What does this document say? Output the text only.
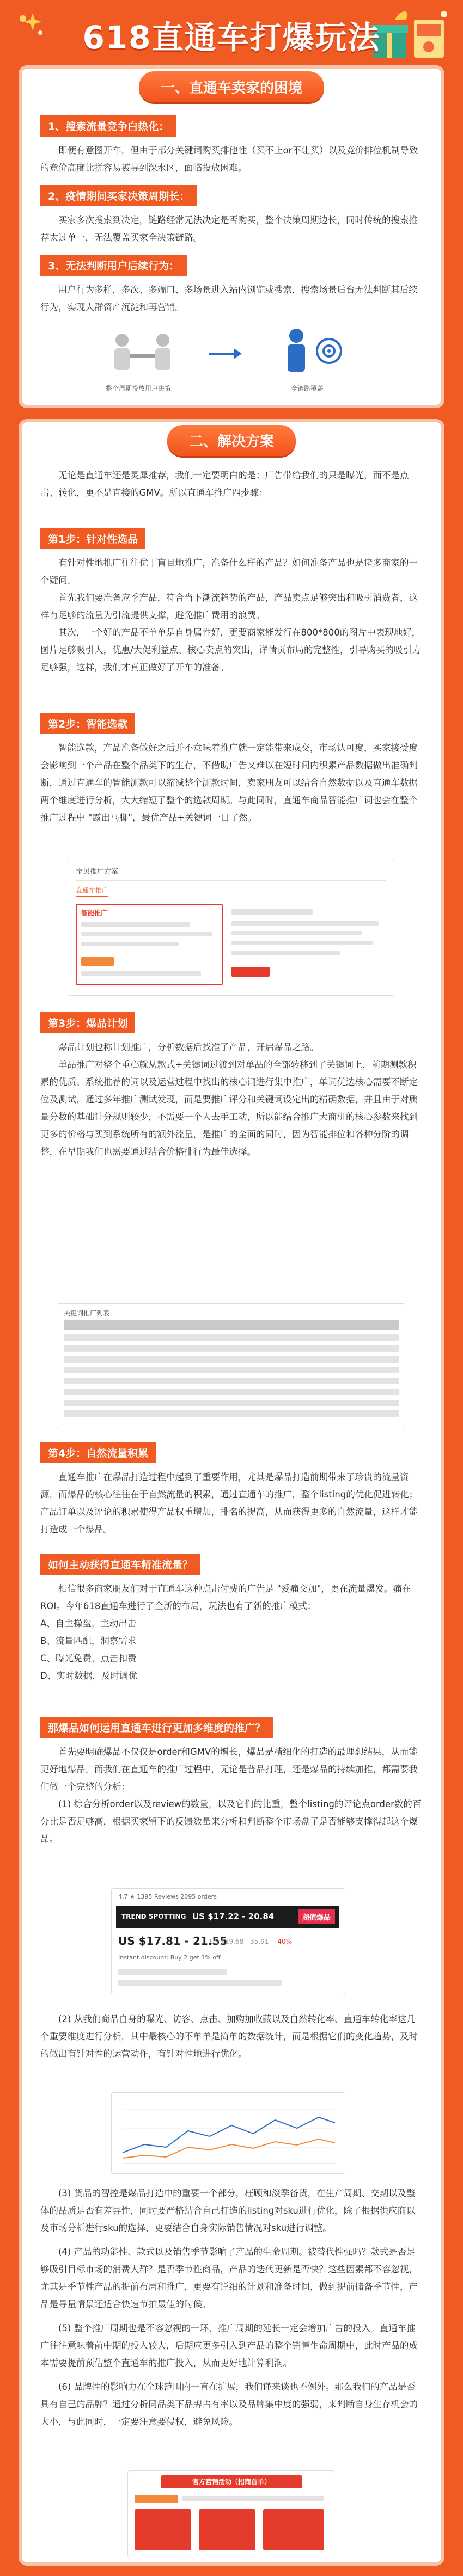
618直通车打爆玩法
一、直通车卖家的困境
1、搜索流量竞争白热化：
即便有意图开车，但由于部分关键词购买排他性（买不上or不让买）以及竞价排位机制导致的竞价高度比拼容易被导到深水区，面临投放困难。
2、疫情期间买家决策周期长：
买家多次搜索到决定，链路经常无法决定是否购买，整个决策周期边长，同时传统的搜索推荐太过单一，无法覆盖买家全决策链路。
3、无法判断用户后续行为：
用户行为多样，多次、多端口、多场景进入站内浏览或搜索，搜索场景后台无法判断其后续行为，实现人群资产沉淀和再营销。
整个周期投放用户决策	全链路覆盖
二、解决方案
无论是直通车还是灵犀推荐，我们一定要明白的是：广告带给我们的只是曝光，而不是点击、转化，更不是直接的GMV。所以直通车推广四步骤：
第1步：针对性选品
有针对性地推广往往优于盲目地推广，准备什么样的产品？如何准备产品也是诸多商家的一个疑问。
首先我们要准备应季产品，符合当下潮流趋势的产品，产品卖点足够突出和吸引消费者，这样有足够的流量为引流提供支撑，避免推广费用的浪费。
其次，一个好的产品不单单是自身属性好，更要商家能发行在800*800的图片中表现地好，图片足够吸引人，优惠/大促利益点、核心卖点的突出，详情页布局的完整性，引导购买的吸引力足够强，这样，我们才真正做好了开车的准备。
第2步：智能选款
智能选款，产品准备做好之后并不意味着推广就一定能带来成交，市场认可度，买家接受度会影响到一个产品在整个品类下的生存，不借助广告又难以在短时间内积累产品数据做出准确判断，通过直通车的智能测款可以缩减整个测款时间，卖家朋友可以结合自然数据以及直通车数据两个维度进行分析，大大缩短了整个的选款周期。与此同时，直通车商品智能推广词也会在整个推广过程中 "露出马脚"，最优产品+关键词一目了然。
宝贝推广方案
直通车推广
智能推广
第3步：爆品计划
爆品计划也称计划推广，分析数据后找准了产品，开启爆品之路。
单品推广对整个重心就从款式+关键词过渡到对单品的全部转移到了关键词上，前期测款积累的优质、系统推荐的词以及运营过程中找出的核心词进行集中推广，单词优选核心需要不断定位及测试，通过多年推广测试发现，而是要推广评分和关键词设定出的精确数据，并且由于对质量分数的基础计分规则较少，不需要一个人去手工动，所以能结合推广大商机的核心参数来找到更多的价格与买到系统所有的额外流量，是推广的全面的同时，因为智能排位和各种分阶的调整，在早期我们也需要通过结合价格排行为最佳选择。
关键词推广列表
第4步：自然流量积累
直通车推广在爆品打造过程中起到了重要作用，尤其是爆品打造前期带来了珍贵的流量资源，而爆品的核心往往在于自然流量的积累，通过直通车的推广，整个listing的优化促进转化；产品订单以及评论的积累使得产品权重增加，排名的提高，从而获得更多的自然流量，这样才能打造成一个爆品。
如何主动获得直通车精准流量？
相信很多商家朋友们对于直通车这种点击付费的广告是 "爱痛交加"，更在流量爆发。痛在ROI。今年618直通车进行了全新的布局，玩法也有了新的推广模式：
A、自主操盘，主动出击
B、流量匹配，洞察需求
C、曝光免费，点击扣费
D、实时数据，及时调优
那爆品如何运用直通车进行更加多维度的推广？
首先要明确爆品不仅仅是order和GMV的增长，爆品是精细化的打造的最理想结果，从而能更好地爆品。而我们在直通车的推广过程中，无论是普品打理，还是爆品的持续加推，都需要我们做一个完整的分析：
(1) 综合分析order以及review的数量，以及它们的比重，整个listing的评论点order数的百分比是否足够高，根据买家留下的反馈数量来分析和判断整个市场盘子是否能够支撑得起这个爆品。
4.7 ★ 1395 Reviews 2095 orders
TREND SPOTTING US $17.22 - 20.84	超值爆品
US $17.81 - 21.55
US $29.68 - 35.91 -40%
Instant discount: Buy 2 get 1% off
(2) 从我们商品自身的曝光、访客、点击、加购加收藏以及自然转化率、直通车转化率这几个重要维度进行分析，其中最核心的不单单是简单的数据统计，而是根据它们的变化趋势，及时的做出有针对性的运营动作，有针对性地进行优化。
(3) 货品的智控是爆品打造中的重要一个部分，枉顾和淡季备货，在生产周期、交期以及整体的品质是否有差异性，同时要严格结合自己打造的listing对sku进行优化，除了根据供应商以及市场分析进行sku的选择，更要结合自身实际销售情况对sku进行调整。
(4) 产品的功能性、款式以及销售季节影响了产品的生命周期。被替代性强吗？款式是否足够吸引目标市场的消费人群？是否季节性商品，产品的迭代更新是否快？这些因素都不容忽视，尤其是季节性产品的提前布局和推广，更要有详细的计划和准备时间，做到提前储备季节性，产品是导量情景还适合快速节拍最佳的时候。
(5) 整个推广周期也是不容忽视的一环，推广周期的延长一定会增加广告的投入。直通车推广往往意味着前中期的投入较大，后期应更多引入到产品的整个销售生命周期中，此时产品的成本需要提前预估整个直通车的推广投入，从而更好地计算利润。
(6) 品牌性的影响力在全球范围内一直在扩展，我们谨来谈也不例外。那么我们的产品是否具有自己的品牌？通过分析同品类下品牌占有率以及品牌集中度的强弱，来判断自身生存机会的大小，与此同时，一定要注意要侵权，避免风险。
官方营销活动（招商首单）
